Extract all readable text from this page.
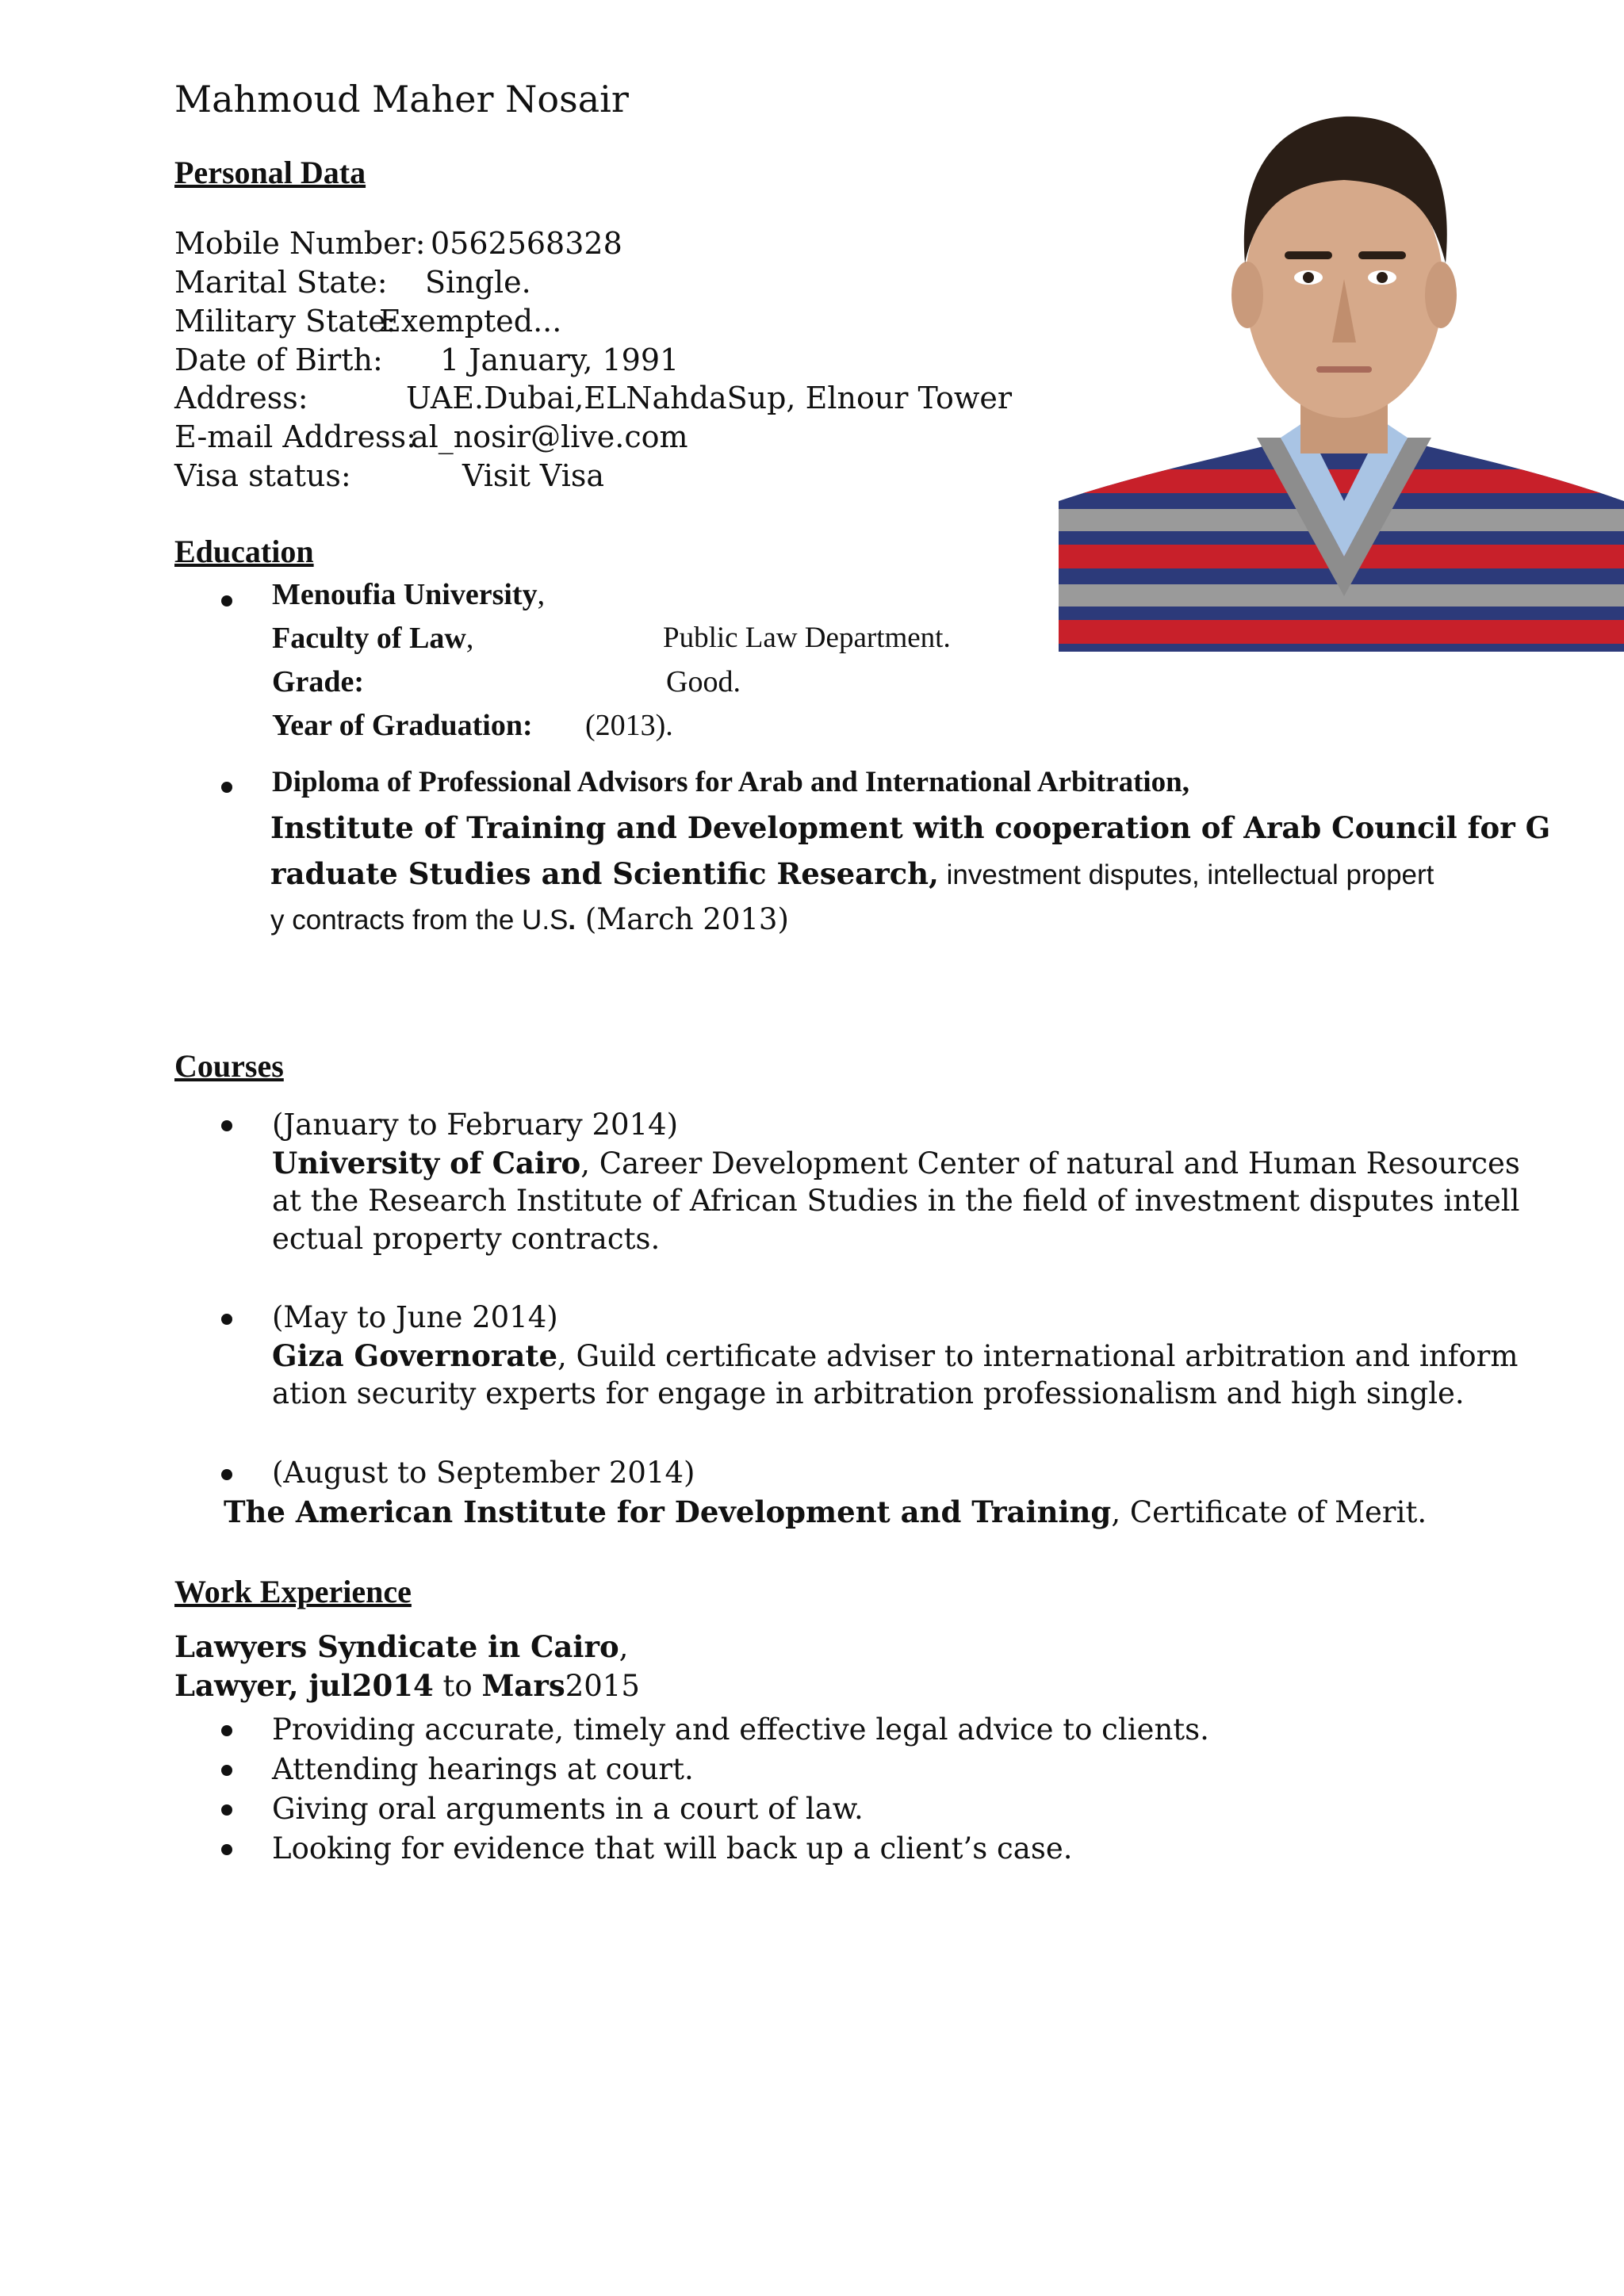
Mahmoud Maher Nosair
Personal Data
Mobile Number: 0562568328
Marital State: Single.
Military State:
Exempted...
Date of Birth: 1 January, 1991
Address:	UAE.Dubai,ELNahdaSup, Elnour Tower
E-mail Address:
al_nosir@live.com
Visa status:	Visit Visa
Education
Menoufia University,
Faculty of Law,	Public Law Department.
Grade:	Good.
Year of Graduation: (2013).
Diploma of Professional Advisors for Arab and International Arbitration,
Institute of Training and Development with cooperation of Arab Council for G
raduate Studies and Scientific Research, investment disputes, intellectual propert
y contracts from the U.S. (March 2013)
Courses
(January to February 2014)
University of Cairo, Career Development Center of natural and Human Resources
at the Research Institute of African Studies in the field of investment disputes intell
ectual property contracts.
(May to June 2014)
Giza Governorate, Guild certificate adviser to international arbitration and inform
ation security experts for engage in arbitration professionalism and high single.
(August to September 2014)
The American Institute for Development and Training, Certificate of Merit.
Work Experience
Lawyers Syndicate in Cairo,
Lawyer, jul2014 to Mars2015
Providing accurate, timely and effective legal advice to clients.
Attending hearings at court.
Giving oral arguments in a court of law.
Looking for evidence that will back up a client’s case.
